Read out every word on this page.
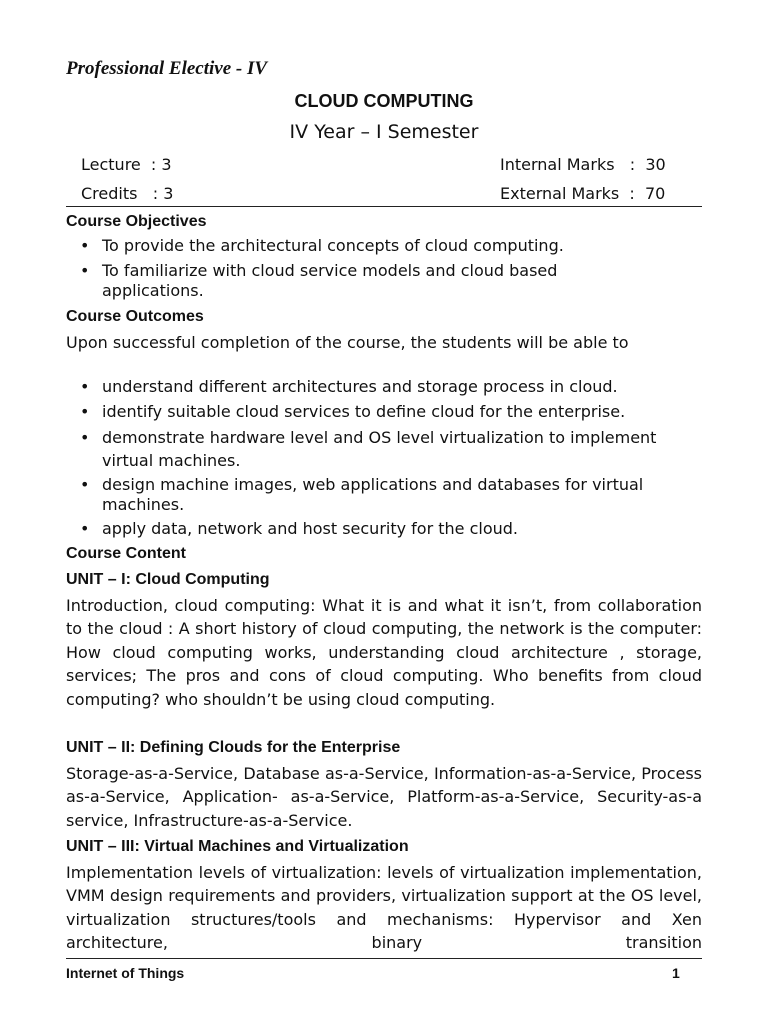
Professional Elective - IV
CLOUD COMPUTING
IV Year – I Semester
Lecture  : 3
Credits   : 3
Internal Marks   :  30
External Marks  :  70
Course Objectives
• To provide the architectural concepts of cloud computing.
• To familiarize with cloud service models and cloud based applications.
Course Outcomes
Upon successful completion of the course, the students will be able to
• understand different architectures and storage process in cloud.
• identify suitable cloud services to define cloud for the enterprise.
• demonstrate hardware level and OS level virtualization to implement virtual machines.
• design machine images, web applications and databases for virtual machines.
• apply data, network and host security for the cloud.
Course Content
UNIT – I: Cloud Computing
Introduction, cloud computing: What it is and what it isn’t, from collaboration to the cloud : A short history of cloud computing, the network is the computer: How cloud computing works, understanding cloud architecture , storage, services; The pros and cons of cloud computing. Who benefits from cloud computing? who shouldn’t be using cloud computing.
UNIT – II: Defining Clouds for the Enterprise
Storage-as-a-Service, Database as-a-Service, Information-as-a-Service, Process as-a-Service, Application- as-a-Service, Platform-as-a-Service, Security-as-a service, Infrastructure-as-a-Service.
UNIT – III: Virtual Machines and Virtualization
Implementation levels of virtualization: levels of virtualization implementation, VMM design requirements and providers, virtualization support at the OS level, virtualization structures/tools and mechanisms: Hypervisor and Xen architecture, binary transition
Internet of Things	1
